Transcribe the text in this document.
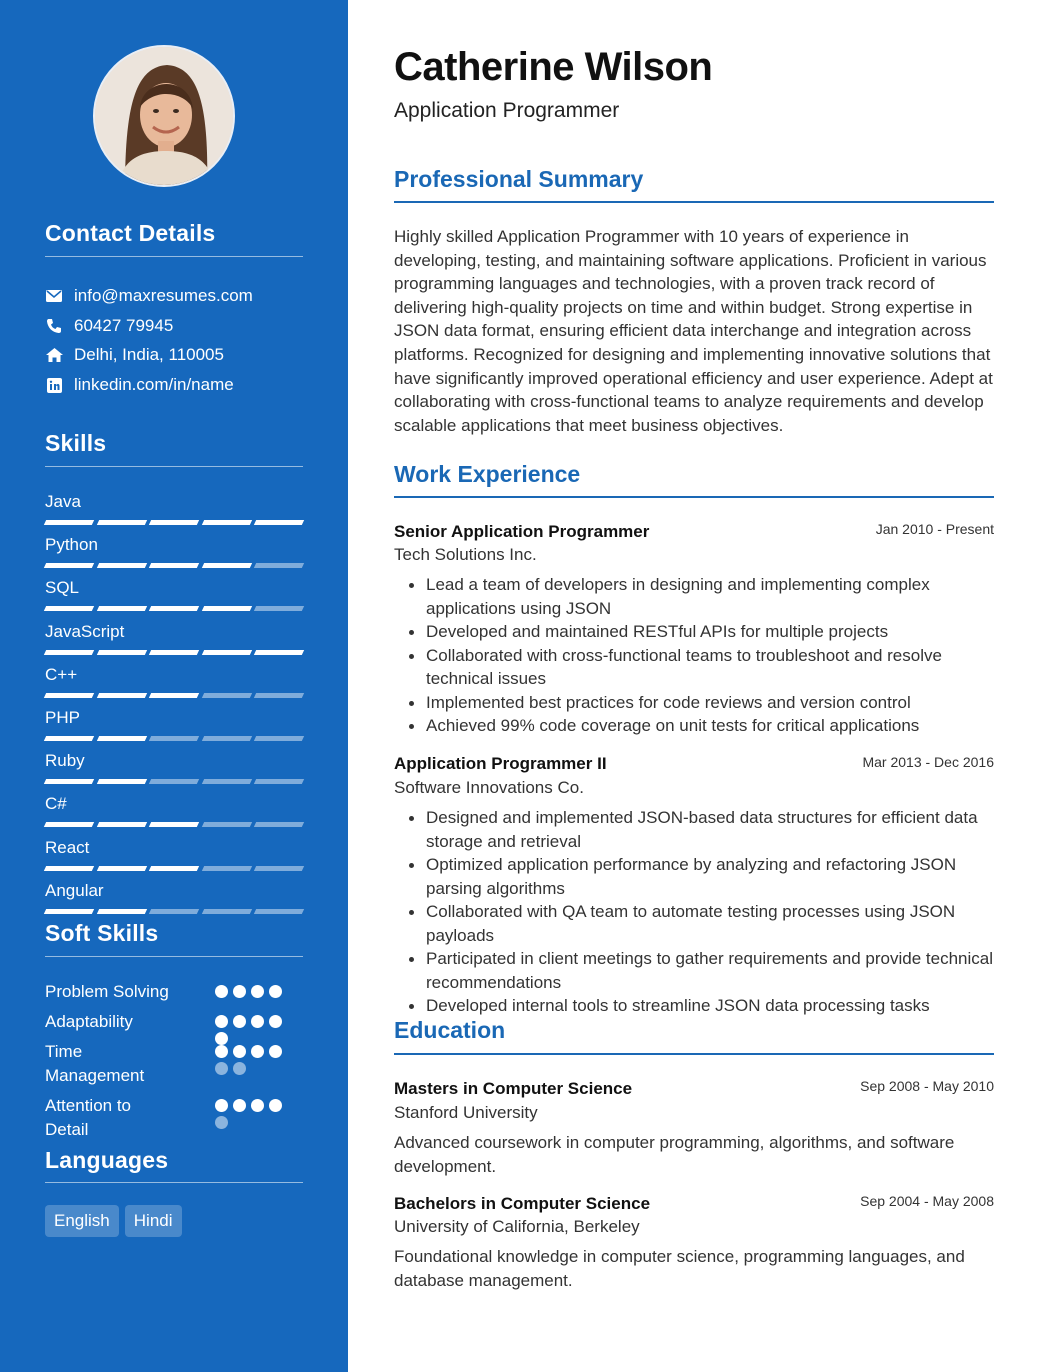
Contact Details
info@maxresumes.com
60427 79945
Delhi, India, 110005
linkedin.com/in/name
Skills
Java
Python
SQL
JavaScript
C++
PHP
Ruby
C#
React
Angular
Soft Skills
Problem Solving
Adaptability
Time Management
Attention to Detail
Languages
English	Hindi
Catherine Wilson
Application Programmer
Professional Summary
Highly skilled Application Programmer with 10 years of experience in developing, testing, and maintaining software applications. Proficient in various programming languages and technologies, with a proven track record of delivering high-quality projects on time and within budget. Strong expertise in JSON data format, ensuring efficient data interchange and integration across platforms. Recognized for designing and implementing innovative solutions that have significantly improved operational efficiency and user experience. Adept at collaborating with cross-functional teams to analyze requirements and develop scalable applications that meet business objectives.
Work Experience
Senior Application Programmer	Jan 2010 - Present
Tech Solutions Inc.
Lead a team of developers in designing and implementing complex applications using JSON
Developed and maintained RESTful APIs for multiple projects
Collaborated with cross-functional teams to troubleshoot and resolve technical issues
Implemented best practices for code reviews and version control
Achieved 99% code coverage on unit tests for critical applications
Application Programmer II	Mar 2013 - Dec 2016
Software Innovations Co.
Designed and implemented JSON-based data structures for efficient data storage and retrieval
Optimized application performance by analyzing and refactoring JSON parsing algorithms
Collaborated with QA team to automate testing processes using JSON payloads
Participated in client meetings to gather requirements and provide technical recommendations
Developed internal tools to streamline JSON data processing tasks
Education
Masters in Computer Science	Sep 2008 - May 2010
Stanford University
Advanced coursework in computer programming, algorithms, and software development.
Bachelors in Computer Science	Sep 2004 - May 2008
University of California, Berkeley
Foundational knowledge in computer science, programming languages, and database management.
